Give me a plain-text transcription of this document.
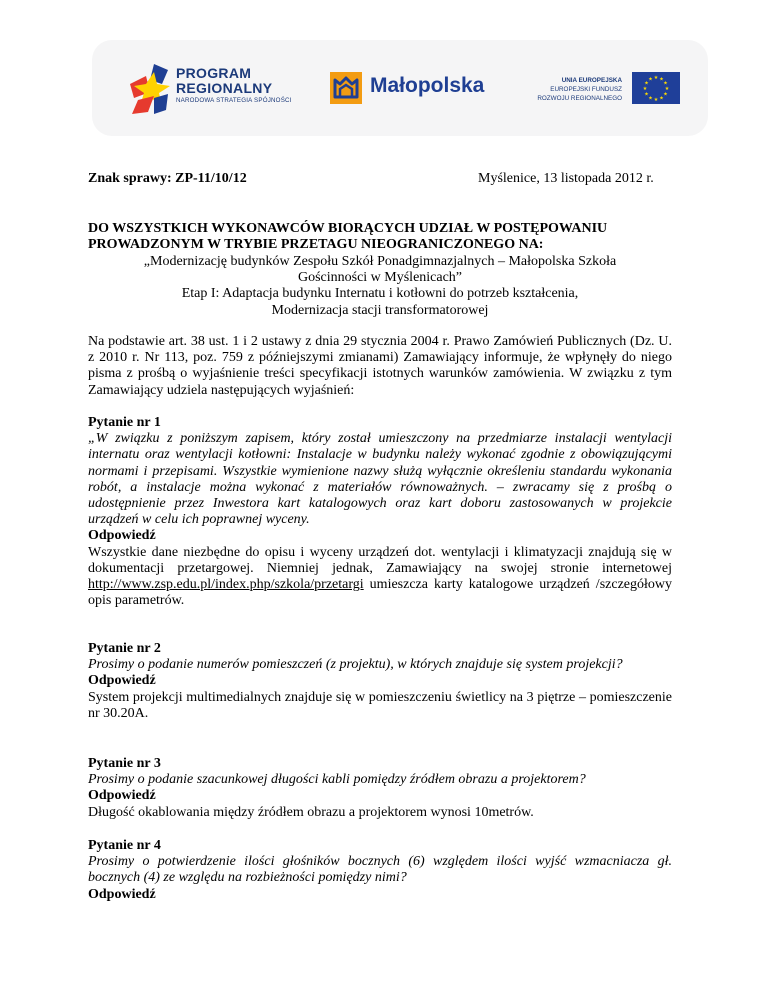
PROGRAM
REGIONALNY
NARODOWA STRATEGIA SPÓJNOŚCI
Małopolska	UNIA EUROPEJSKA
EUROPEJSKI FUNDUSZ
ROZWOJU REGIONALNEGO
★ ★
★
★
★
★
★
★
★
★
★
★
Znak sprawy: ZP-11/10/12	Myślenice, 13 listopada 2012 r.
DO WSZYSTKICH WYKONAWCÓW BIORĄCYCH UDZIAŁ W POSTĘPOWANIU
PROWADZONYM W TRYBIE PRZETAGU NIEOGRANICZONEGO NA:
„Modernizację budynków Zespołu Szkół Ponadgimnazjalnych – Małopolska Szkoła
Gościnności w Myślenicach”
Etap I: Adaptacja budynku Internatu i kotłowni do potrzeb kształcenia,
Modernizacja stacji transformatorowej

Na podstawie art. 38 ust. 1 i 2 ustawy z dnia 29 stycznia 2004 r. Prawo Zamówień Publicznych (Dz. U. z 2010 r. Nr 113, poz. 759 z późniejszymi zmianami) Zamawiający informuje, że wpłynęły do niego pisma z prośbą o wyjaśnienie treści specyfikacji istotnych warunków zamówienia. W związku z tym Zamawiający udziela następujących wyjaśnień:

Pytanie nr 1

„W związku z poniższym zapisem, który został umieszczony na przedmiarze instalacji wentylacji internatu oraz wentylacji kotłowni: Instalacje w budynku należy wykonać zgodnie z obowiązującymi normami i przepisami. Wszystkie wymienione nazwy służą wyłącznie określeniu standardu wykonania robót, a instalacje można wykonać z materiałów równoważnych. – zwracamy się z prośbą o udostępnienie przez Inwestora kart katalogowych oraz kart doboru zastosowanych w projekcie urządzeń w celu ich poprawnej wyceny.

Odpowiedź

Wszystkie dane niezbędne do opisu i wyceny urządzeń dot. wentylacji i klimatyzacji znajdują się w dokumentacji przetargowej. Niemniej jednak, Zamawiający na swojej stronie internetowej http://www.zsp.edu.pl/index.php/szkola/przetargi umieszcza karty katalogowe urządzeń /szczegółowy opis parametrów.

Pytanie nr 2

Prosimy o podanie numerów pomieszczeń (z projektu), w których znajduje się system projekcji?

Odpowiedź

System projekcji multimedialnych znajduje się w pomieszczeniu świetlicy na 3 piętrze – pomieszczenie nr 30.20A.

Pytanie nr 3

Prosimy o podanie szacunkowej długości kabli pomiędzy źródłem obrazu a projektorem?

Odpowiedź

Długość okablowania między źródłem obrazu a projektorem wynosi 10metrów.

Pytanie nr 4

Prosimy o potwierdzenie ilości głośników bocznych (6) względem ilości wyjść wzmacniacza gł. bocznych (4) ze względu na rozbieżności pomiędzy nimi?

Odpowiedź
